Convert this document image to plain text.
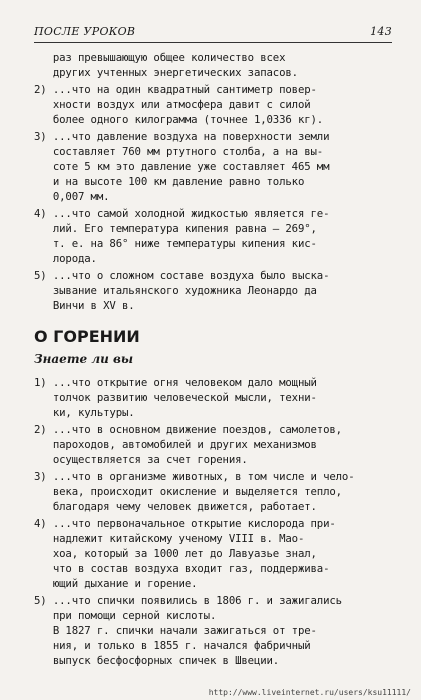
ПОСЛЕ УРОКОВ	143
раз превышающую общее количество всех
других учтенных энергетических запасов.
2) ...что на один квадратный сантиметр повер-
хности воздух или атмосфера давит с силой
более одного килограмма (точнее 1,0336 кг).
3) ...что давление воздуха на поверхности земли
составляет 760 мм ртутного столба, а на вы-
соте 5 км это давление уже составляет 465 мм
и на высоте 100 км давление равно только
0,007 мм.
4) ...что самой холодной жидкостью является ге-
лий. Его температура кипения равна — 269°,
т. е. на 86° ниже температуры кипения кис-
лорода.
5) ...что о сложном составе воздуха было выска-
зывание итальянского художника Леонардо да
Винчи в XV в.
О ГОРЕНИИ
Знаете ли вы
1) ...что открытие огня человеком дало мощный
толчок развитию человеческой мысли, техни-
ки, культуры.
2) ...что в основном движение поездов, самолетов,
пароходов, автомобилей и других механизмов
осуществляется за счет горения.
3) ...что в организме животных, в том числе и чело-
века, происходит окисление и выделяется тепло,
благодаря чему человек движется, работает.
4) ...что первоначальное открытие кислорода при-
надлежит китайскому ученому VIII в. Мао-
хоа, который за 1000 лет до Лавуазье знал,
что в состав воздуха входит газ, поддержива-
ющий дыхание и горение.
5) ...что спички появились в 1806 г. и зажигались
при помощи серной кислоты.
В 1827 г. спички начали зажигаться от тре-
ния, и только в 1855 г. начался фабричный
выпуск бесфосфорных спичек в Швеции.
http://www.liveinternet.ru/users/ksu11111/
